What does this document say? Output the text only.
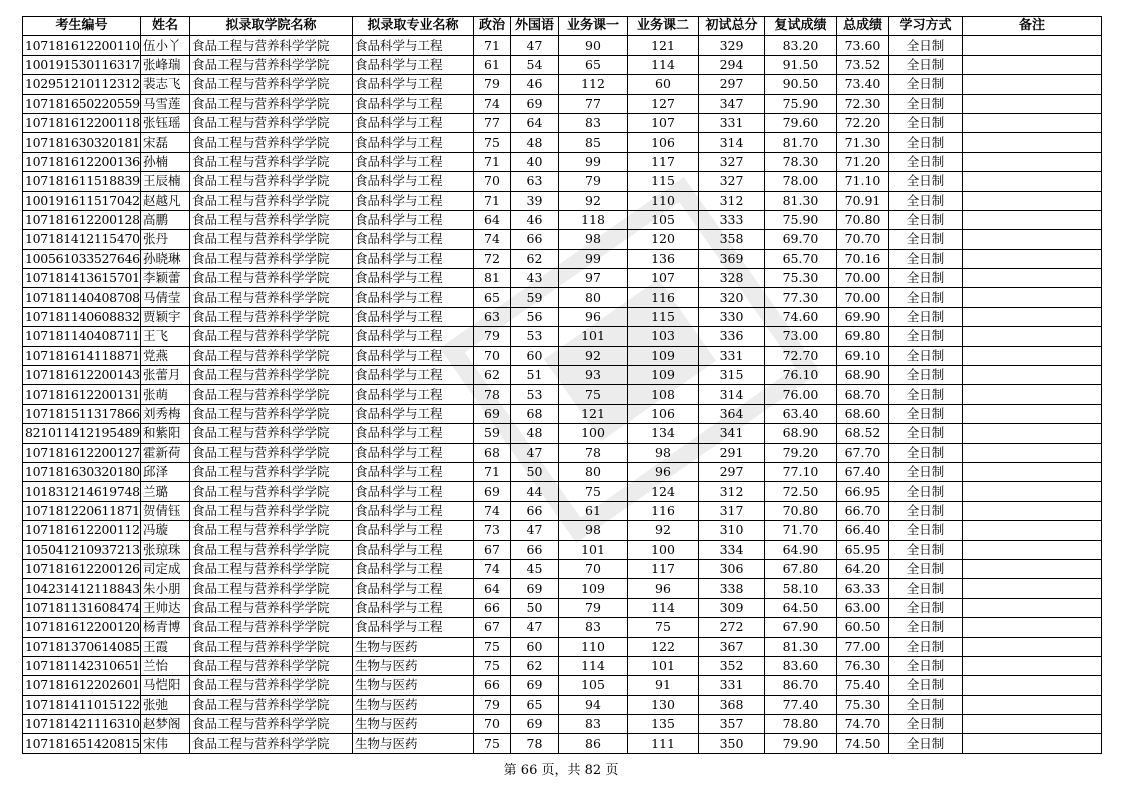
考生编号	姓名	拟录取学院名称	拟录取专业名称	政治	外国语	业务课一	业务课二	初试总分	复试成绩	总成绩	学习方式	备注
107181612200110	伍小丫	食品工程与营养科学学院	食品科学与工程	71	47	90	121	329	83.20	73.60	全日制	
100191530116317	张峰瑞	食品工程与营养科学学院	食品科学与工程	61	54	65	114	294	91.50	73.52	全日制	
102951210112312	裴志飞	食品工程与营养科学学院	食品科学与工程	79	46	112	60	297	90.50	73.40	全日制	
107181650220559	马雪莲	食品工程与营养科学学院	食品科学与工程	74	69	77	127	347	75.90	72.30	全日制	
107181612200118	张钰瑶	食品工程与营养科学学院	食品科学与工程	77	64	83	107	331	79.60	72.20	全日制	
107181630320181	宋磊	食品工程与营养科学学院	食品科学与工程	75	48	85	106	314	81.70	71.30	全日制	
107181612200136	孙楠	食品工程与营养科学学院	食品科学与工程	71	40	99	117	327	78.30	71.20	全日制	
107181611518839	王辰楠	食品工程与营养科学学院	食品科学与工程	70	63	79	115	327	78.00	71.10	全日制	
100191611517042	赵越凡	食品工程与营养科学学院	食品科学与工程	71	39	92	110	312	81.30	70.91	全日制	
107181612200128	高鹏	食品工程与营养科学学院	食品科学与工程	64	46	118	105	333	75.90	70.80	全日制	
107181412115470	张丹	食品工程与营养科学学院	食品科学与工程	74	66	98	120	358	69.70	70.70	全日制	
100561033527646	孙晓琳	食品工程与营养科学学院	食品科学与工程	72	62	99	136	369	65.70	70.16	全日制	
107181413615701	李颖蕾	食品工程与营养科学学院	食品科学与工程	81	43	97	107	328	75.30	70.00	全日制	
107181140408708	马倩莹	食品工程与营养科学学院	食品科学与工程	65	59	80	116	320	77.30	70.00	全日制	
107181140608832	贾颖宇	食品工程与营养科学学院	食品科学与工程	63	56	96	115	330	74.60	69.90	全日制	
107181140408711	王飞	食品工程与营养科学学院	食品科学与工程	79	53	101	103	336	73.00	69.80	全日制	
107181614118871	党燕	食品工程与营养科学学院	食品科学与工程	70	60	92	109	331	72.70	69.10	全日制	
107181612200143	张蕾月	食品工程与营养科学学院	食品科学与工程	62	51	93	109	315	76.10	68.90	全日制	
107181612200131	张萌	食品工程与营养科学学院	食品科学与工程	78	53	75	108	314	76.00	68.70	全日制	
107181511317866	刘秀梅	食品工程与营养科学学院	食品科学与工程	69	68	121	106	364	63.40	68.60	全日制	
821011412195489	和紫阳	食品工程与营养科学学院	食品科学与工程	59	48	100	134	341	68.90	68.52	全日制	
107181612200127	霍新荷	食品工程与营养科学学院	食品科学与工程	68	47	78	98	291	79.20	67.70	全日制	
107181630320180	邱泽	食品工程与营养科学学院	食品科学与工程	71	50	80	96	297	77.10	67.40	全日制	
101831214619748	兰璐	食品工程与营养科学学院	食品科学与工程	69	44	75	124	312	72.50	66.95	全日制	
107181220611871	贺倩钰	食品工程与营养科学学院	食品科学与工程	74	66	61	116	317	70.80	66.70	全日制	
107181612200112	冯璇	食品工程与营养科学学院	食品科学与工程	73	47	98	92	310	71.70	66.40	全日制	
105041210937213	张琼珠	食品工程与营养科学学院	食品科学与工程	67	66	101	100	334	64.90	65.95	全日制	
107181612200126	司定成	食品工程与营养科学学院	食品科学与工程	74	45	70	117	306	67.80	64.20	全日制	
104231412118843	朱小朋	食品工程与营养科学学院	食品科学与工程	64	69	109	96	338	58.10	63.33	全日制	
107181131608474	王帅达	食品工程与营养科学学院	食品科学与工程	66	50	79	114	309	64.50	63.00	全日制	
107181612200120	杨青博	食品工程与营养科学学院	食品科学与工程	67	47	83	75	272	67.90	60.50	全日制	
107181370614085	王霞	食品工程与营养科学学院	生物与医药	75	60	110	122	367	81.30	77.00	全日制	
107181142310651	兰怡	食品工程与营养科学学院	生物与医药	75	62	114	101	352	83.60	76.30	全日制	
107181612202601	马恺阳	食品工程与营养科学学院	生物与医药	66	69	105	91	331	86.70	75.40	全日制	
107181411015122	张弛	食品工程与营养科学学院	生物与医药	79	65	94	130	368	77.40	75.30	全日制	
107181421116310	赵梦阁	食品工程与营养科学学院	生物与医药	70	69	83	135	357	78.80	74.70	全日制	
107181651420815	宋伟	食品工程与营养科学学院	生物与医药	75	78	86	111	350	79.90	74.50	全日制	
第 66 页，共 82 页
